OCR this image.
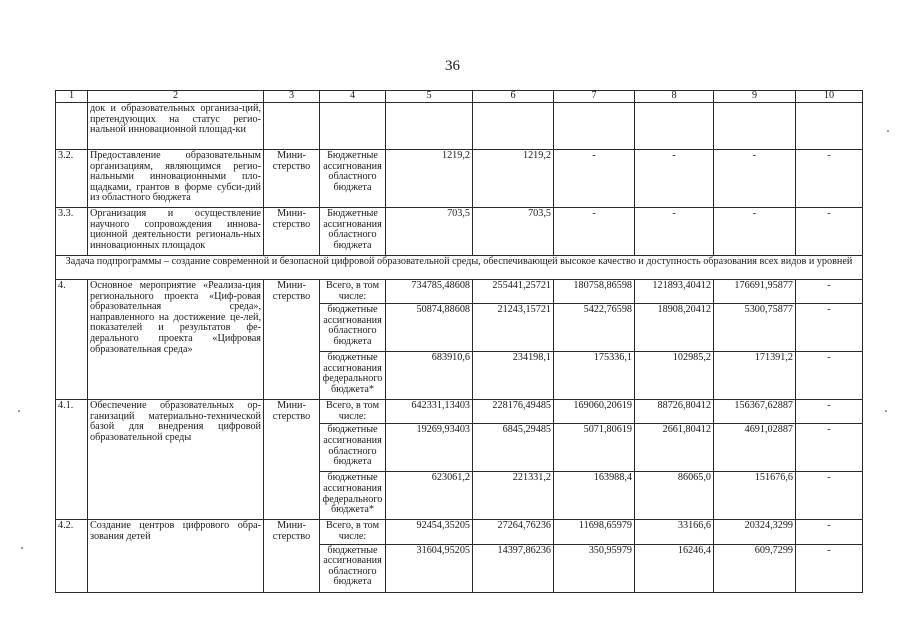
36
1	2	3	4	5	6	7	8	9	10
	док и образовательных организа-ций, претендующих на статус регио-нальной инновационной площад-ки								
3.2.	Предоставление образовательным организациям, являющимся регио-нальными инновационными пло-щадками, грантов в форме субси-дий из областного бюджета	Мини-стерство	Бюджетные ассигнования областного бюджета	1219,2	1219,2	-	-	-	-
3.3.	Организация и осуществление научного сопровождения иннова-ционной деятельности региональ-ных инновационных площадок	Мини-стерство	Бюджетные ассигнования областного бюджета	703,5	703,5	-	-	-	-
Задача подпрограммы – создание современной и безопасной цифровой образовательной среды, обеспечивающей высокое качество и доступность образования всех видов и уровней									
4.	Основное мероприятие «Реализа-ция регионального проекта «Циф-ровая образовательная среда», направленного на достижение це-лей, показателей и результатов фе-дерального проекта «Цифровая образовательная среда»	Мини-стерство	Всего, в том числе:	734785,48608	255441,25721	180758,86598	121893,40412	176691,95877	-
			бюджетные ассигнования областного бюджета	50874,88608	21243,15721	5422,76598	18908,20412	5300,75877	-
			бюджетные ассигнования федерального бюджета*	683910,6	234198,1	175336,1	102985,2	171391,2	-
4.1.	Обеспечение образовательных ор-ганизаций материально-технической базой для внедрения цифровой образовательной среды	Мини-стерство	Всего, в том числе:	642331,13403	228176,49485	169060,20619	88726,80412	156367,62887	-
			бюджетные ассигнования областного бюджета	19269,93403	6845,29485	5071,80619	2661,80412	4691,02887	-
			бюджетные ассигнования федерального бюджета*	623061,2	221331,2	163988,4	86065,0	151676,6	-
4.2.	Создание центров цифрового обра-зования детей	Мини-стерство	Всего, в том числе:	92454,35205	27264,76236	11698,65979	33166,6	20324,3299	-
			бюджетные ассигнования областного бюджета	31604,95205	14397,86236	350,95979	16246,4	609,7299	-
